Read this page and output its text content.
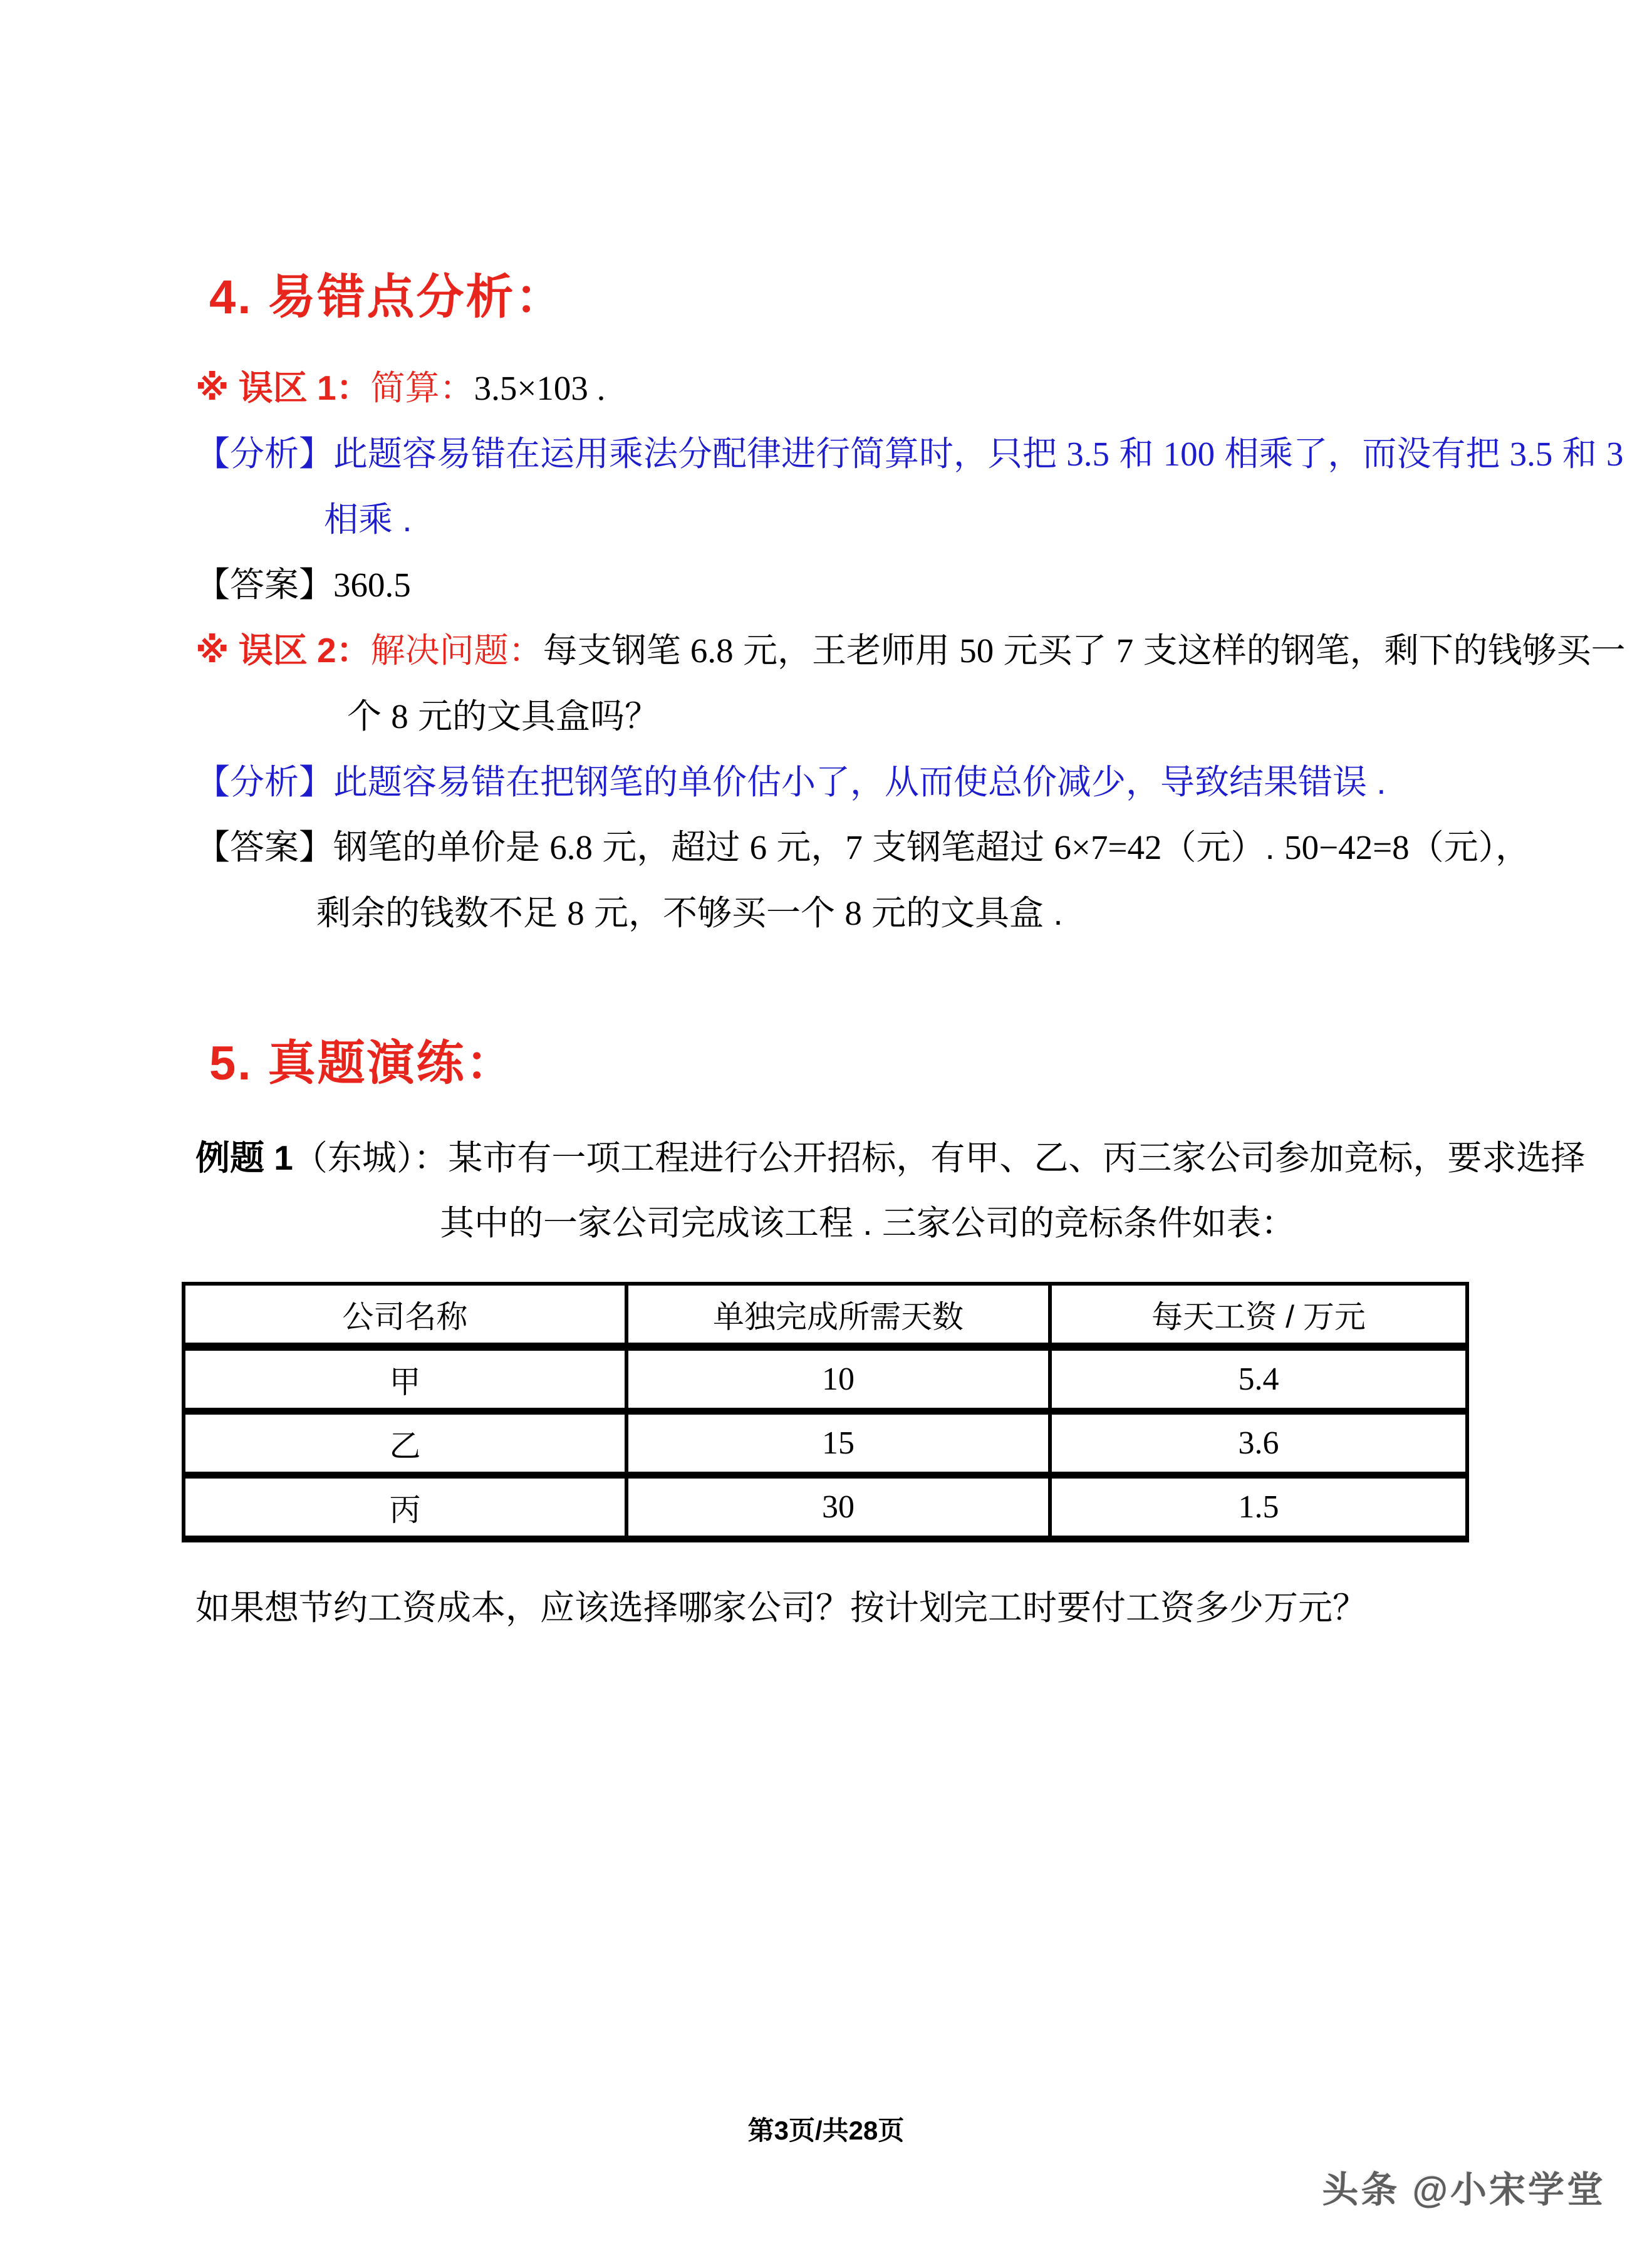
4. 易错点分析：
※ 误区 1：简算：3.5×103 .
【分析】此题容易错在运用乘法分配律进行简算时，只把 3.5 和 100 相乘了，而没有把 3.5 和 3
相乘 .
【答案】360.5
※ 误区 2：解决问题：每支钢笔 6.8 元，王老师用 50 元买了 7 支这样的钢笔，剩下的钱够买一
个 8 元的文具盒吗？
【分析】此题容易错在把钢笔的单价估小了，从而使总价减少，导致结果错误 .
【答案】钢笔的单价是 6.8 元，超过 6 元，7 支钢笔超过 6×7=42（元）. 50−42=8（元），
剩余的钱数不足 8 元，不够买一个 8 元的文具盒 .
5. 真题演练：
例题 1（东城）：某市有一项工程进行公开招标，有甲、乙、丙三家公司参加竞标，要求选择
其中的一家公司完成该工程 . 三家公司的竞标条件如表：
公司名称	单独完成所需天数	每天工资 / 万元
甲	10	5.4
乙	15	3.6
丙	30	1.5
如果想节约工资成本，应该选择哪家公司？按计划完工时要付工资多少万元？
第3页/共28页
头条 @小宋学堂
